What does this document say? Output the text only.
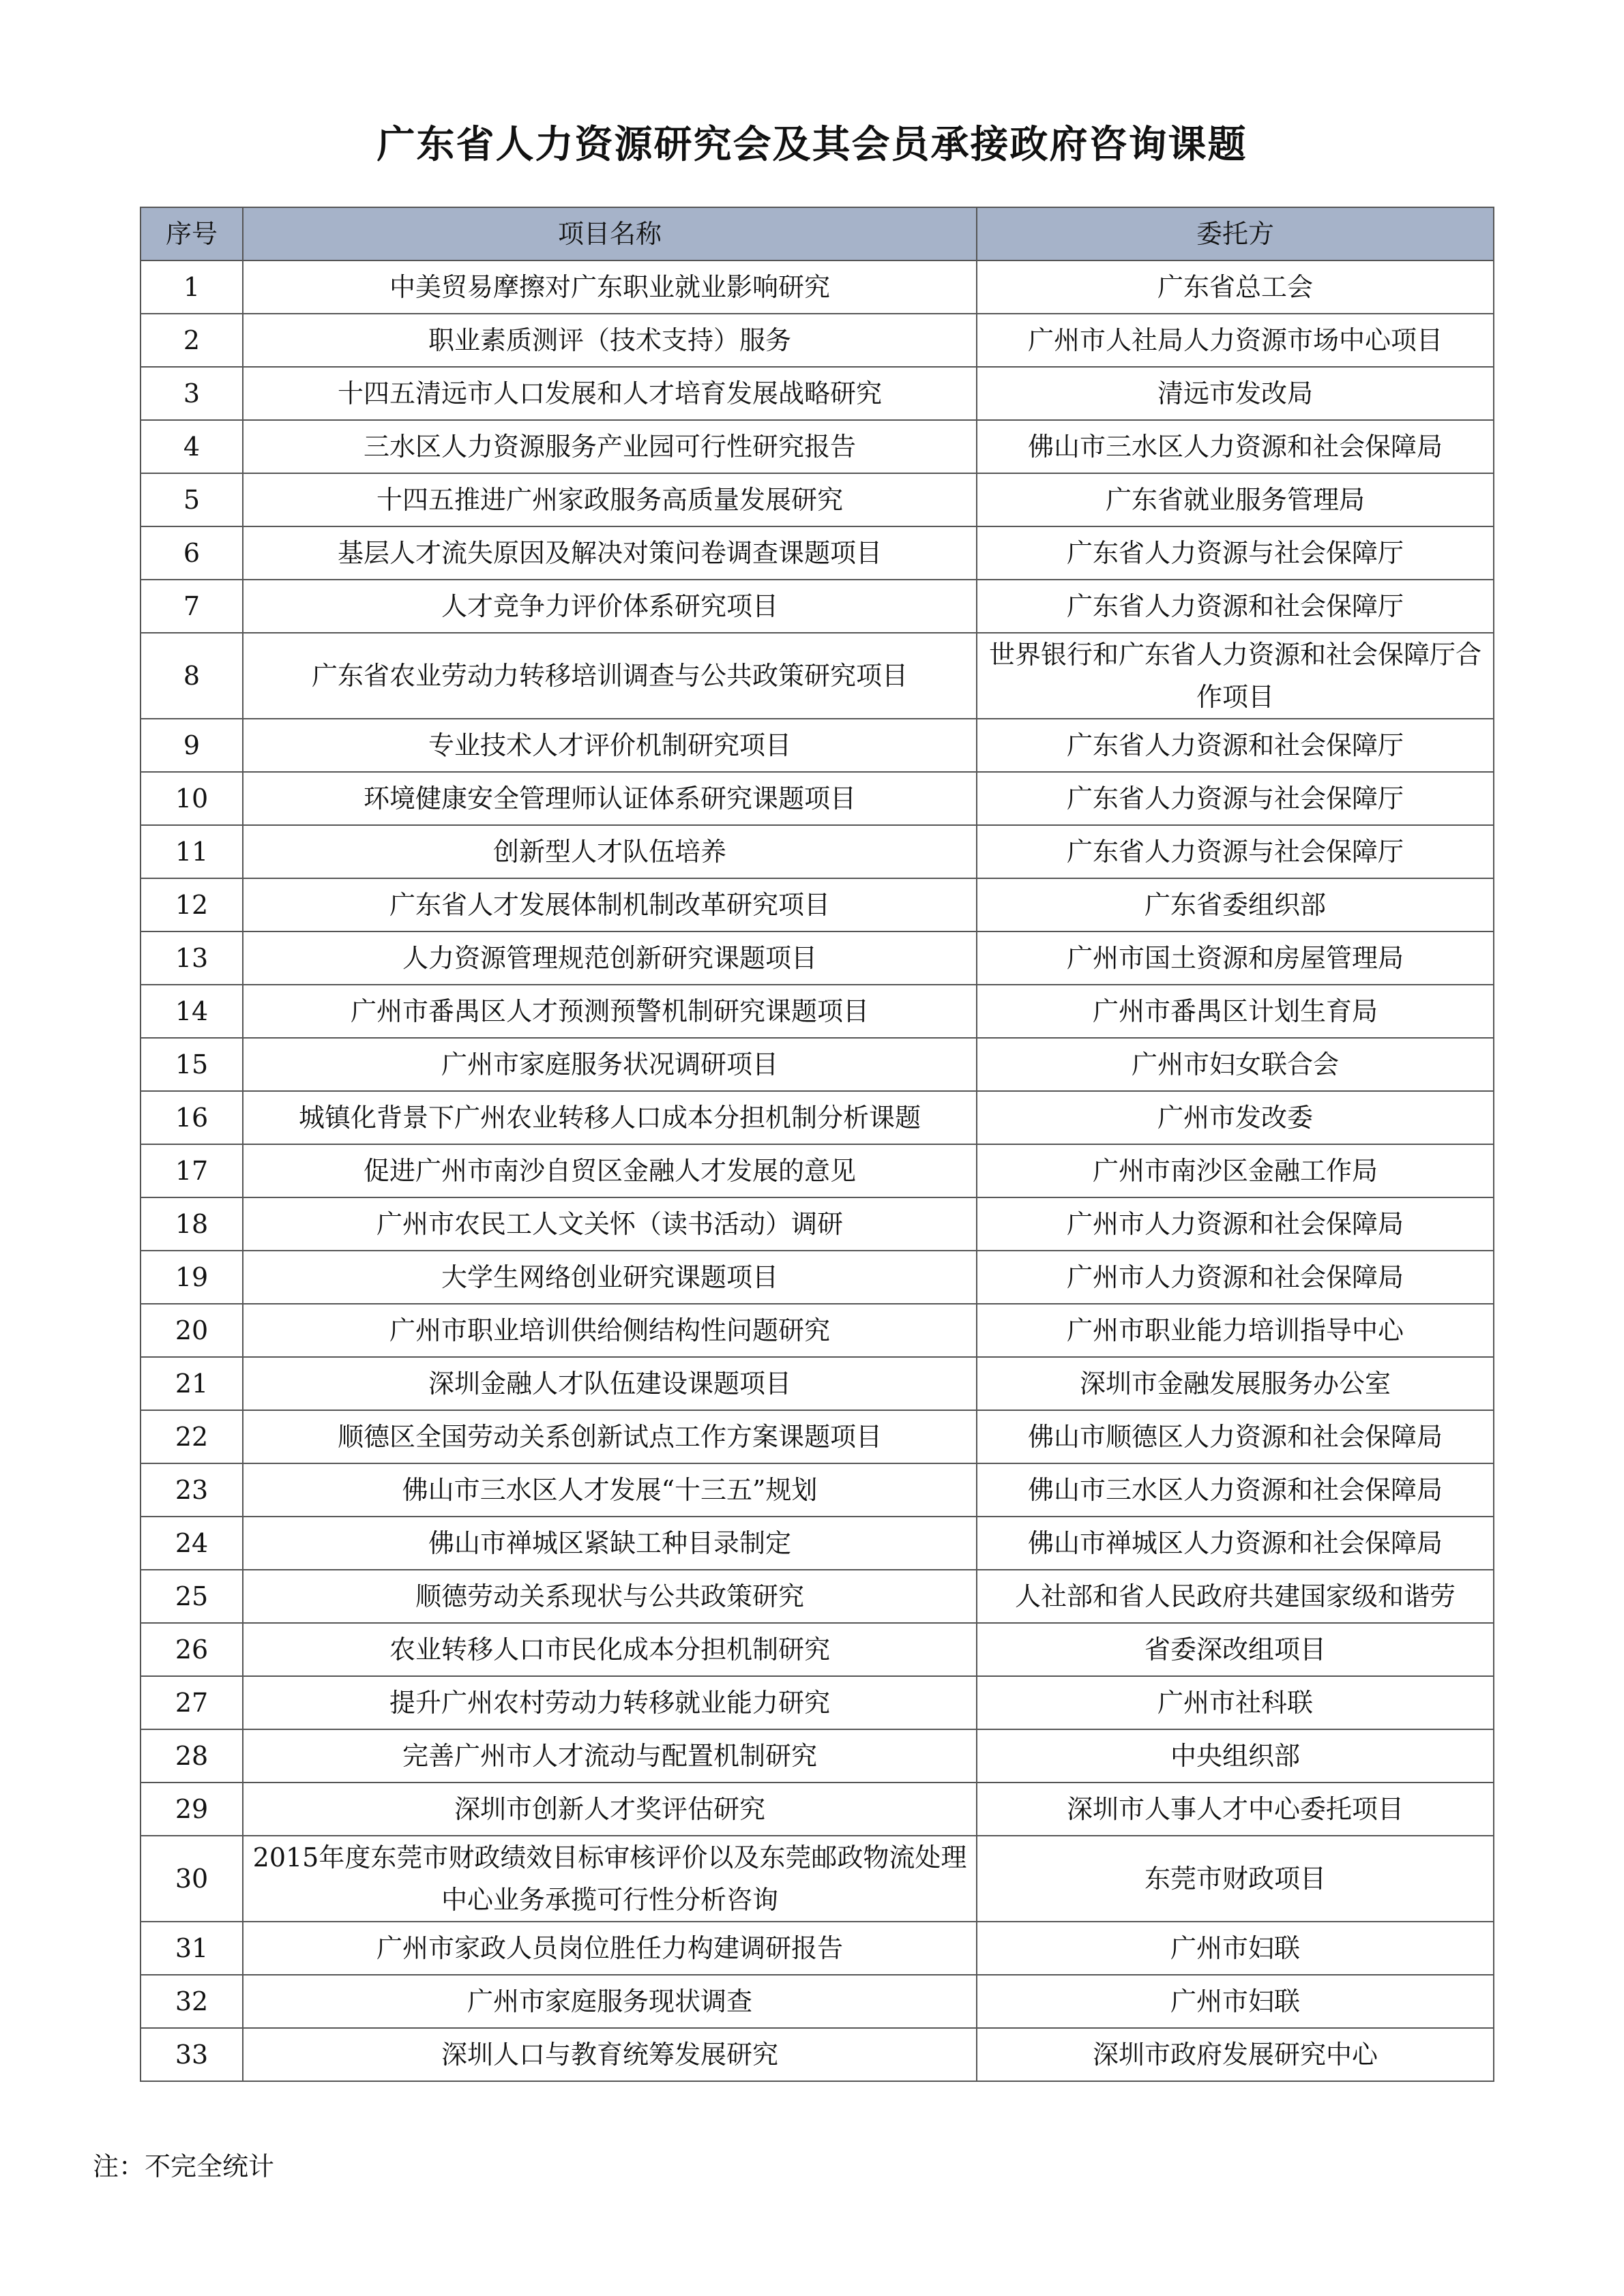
广东省人力资源研究会及其会员承接政府咨询课题
序号	项目名称	委托方
1	中美贸易摩擦对广东职业就业影响研究	广东省总工会
2	职业素质测评（技术支持）服务	广州市人社局人力资源市场中心项目
3	十四五清远市人口发展和人才培育发展战略研究	清远市发改局
4	三水区人力资源服务产业园可行性研究报告	佛山市三水区人力资源和社会保障局
5	十四五推进广州家政服务高质量发展研究	广东省就业服务管理局
6	基层人才流失原因及解决对策问卷调查课题项目	广东省人力资源与社会保障厅
7	人才竞争力评价体系研究项目	广东省人力资源和社会保障厅
8	广东省农业劳动力转移培训调查与公共政策研究项目	世界银行和广东省人力资源和社会保障厅合作项目
9	专业技术人才评价机制研究项目	广东省人力资源和社会保障厅
10	环境健康安全管理师认证体系研究课题项目	广东省人力资源与社会保障厅
11	创新型人才队伍培养	广东省人力资源与社会保障厅
12	广东省人才发展体制机制改革研究项目	广东省委组织部
13	人力资源管理规范创新研究课题项目	广州市国土资源和房屋管理局
14	广州市番禺区人才预测预警机制研究课题项目	广州市番禺区计划生育局
15	广州市家庭服务状况调研项目	广州市妇女联合会
16	城镇化背景下广州农业转移人口成本分担机制分析课题	广州市发改委
17	促进广州市南沙自贸区金融人才发展的意见	广州市南沙区金融工作局
18	广州市农民工人文关怀（读书活动）调研	广州市人力资源和社会保障局
19	大学生网络创业研究课题项目	广州市人力资源和社会保障局
20	广州市职业培训供给侧结构性问题研究	广州市职业能力培训指导中心
21	深圳金融人才队伍建设课题项目	深圳市金融发展服务办公室
22	顺德区全国劳动关系创新试点工作方案课题项目	佛山市顺德区人力资源和社会保障局
23	佛山市三水区人才发展“十三五”规划	佛山市三水区人力资源和社会保障局
24	佛山市禅城区紧缺工种目录制定	佛山市禅城区人力资源和社会保障局
25	顺德劳动关系现状与公共政策研究	人社部和省人民政府共建国家级和谐劳
26	农业转移人口市民化成本分担机制研究	省委深改组项目
27	提升广州农村劳动力转移就业能力研究	广州市社科联
28	完善广州市人才流动与配置机制研究	中央组织部
29	深圳市创新人才奖评估研究	深圳市人事人才中心委托项目
30	2015年度东莞市财政绩效目标审核评价以及东莞邮政物流处理中心业务承揽可行性分析咨询	东莞市财政项目
31	广州市家政人员岗位胜任力构建调研报告	广州市妇联
32	广州市家庭服务现状调查	广州市妇联
33	深圳人口与教育统筹发展研究	深圳市政府发展研究中心
注：不完全统计
